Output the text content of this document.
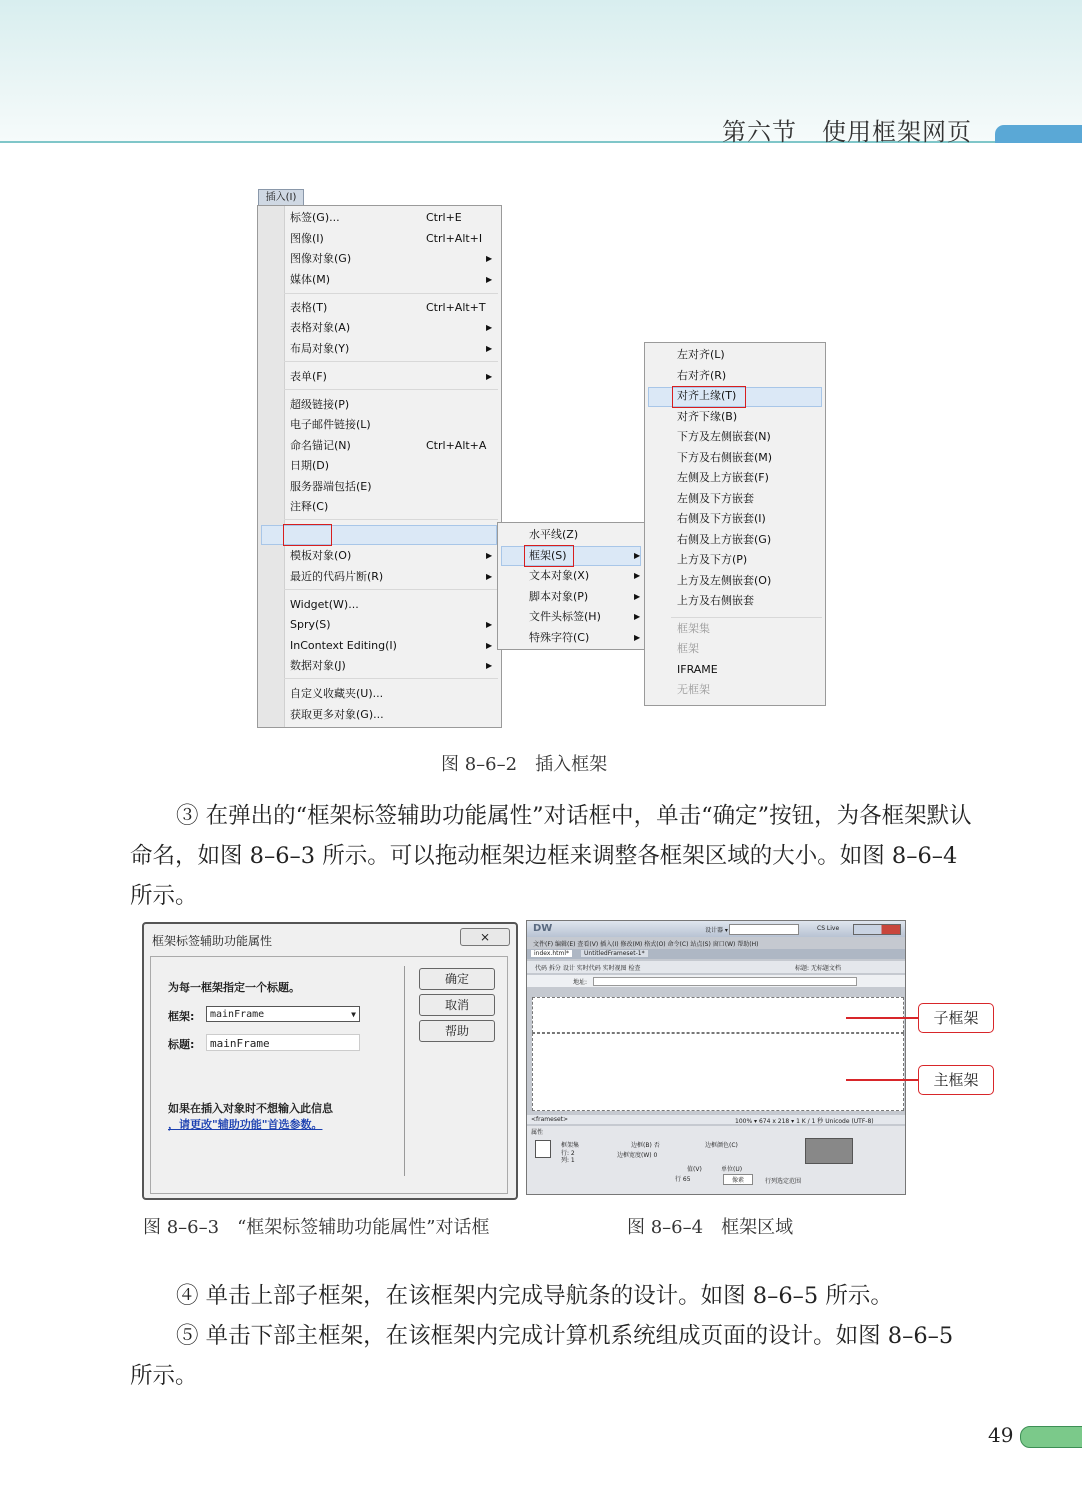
第六节　使用框架网页
插入(I)
标签(G)...	Ctrl+E
图像(I)	Ctrl+Alt+I
图像对象(G)	▶
媒体(M)	▶
表格(T)	Ctrl+Alt+T
表格对象(A)	▶
布局对象(Y)	▶
表单(F)	▶
超级链接(P)
电子邮件链接(L)
命名锚记(N)	Ctrl+Alt+A
日期(D)
服务器端包括(E)
注释(C)
模板对象(O)	▶
最近的代码片断(R)	▶
Widget(W)...
Spry(S)	▶
InContext Editing(I)	▶
数据对象(J)	▶
自定义收藏夹(U)...
获取更多对象(G)...
水平线(Z)
框架(S)	▶
文本对象(X)	▶
脚本对象(P)	▶
文件头标签(H)	▶
特殊字符(C)	▶
左对齐(L)
右对齐(R)
对齐上缘(T)
对齐下缘(B)
下方及左侧嵌套(N)
下方及右侧嵌套(M)
左侧及上方嵌套(F)
左侧及下方嵌套
右侧及下方嵌套(I)
右侧及上方嵌套(G)
上方及下方(P)
上方及左侧嵌套(O)
上方及右侧嵌套
框架集
框架
IFRAME
无框架
图 8–6–2　插入框架
③ 在弹出的“框架标签辅助功能属性”对话框中，单击“确定”按钮，为各框架默认命名，如图 8–6–3 所示。可以拖动框架边框来调整各框架区域的大小。如图 8–6–4 所示。
框架标签辅助功能属性	⨯
为每一框架指定一个标题。
框架:	mainFrame	▼
标题:	mainFrame
确定
取消
帮助
如果在插入对象时不想输入此信息
，请更改"辅助功能"首选参数。
DW	设计器 ▾	CS Live
文件(F) 编辑(E) 查看(V) 插入(I) 修改(M) 格式(O) 命令(C) 站点(S) 窗口(W) 帮助(H)
index.html*	UntitledFrameset-1*
代码 拆分 设计 实时代码 实时视图 检查	标题: 无标题文档
地址:
<frameset>	100% ▾ 674 x 218 ▾ 1 K / 1 秒 Unicode (UTF-8)
属性
框架集
行: 2
列: 1
边框(B) 否	边框颜色(C)
边框宽度(W) 0
值(V)	单位(U)
行 65	像素	行列选定范围
子框架
主框架
图 8–6–3　“框架标签辅助功能属性”对话框	图 8–6–4　框架区域
④ 单击上部子框架，在该框架内完成导航条的设计。如图 8–6–5 所示。
⑤ 单击下部主框架，在该框架内完成计算机系统组成页面的设计。如图 8–6–5 所示。
49
